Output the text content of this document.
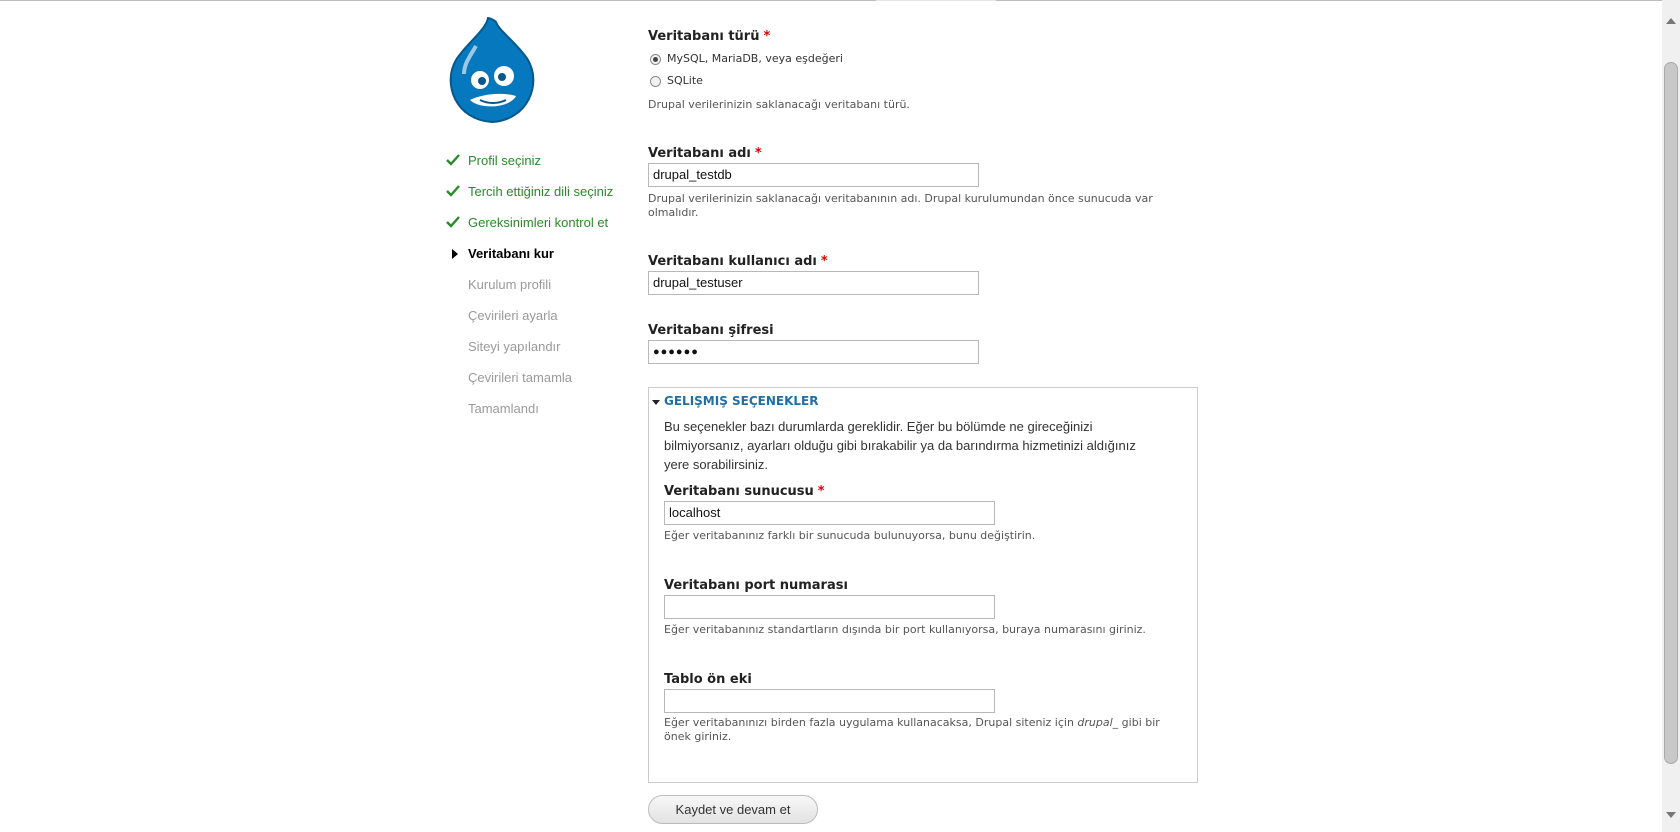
Profil seçiniz
Tercih ettiğiniz dili seçiniz
Gereksinimleri kontrol et
Veritabanı kur
Kurulum profili
Çevirileri ayarla
Siteyi yapılandır
Çevirileri tamamla
Tamamlandı
Veritabanı türü *
MySQL, MariaDB, veya eşdeğeri
SQLite
Drupal verilerinizin saklanacağı veritabanı türü.
Veritabanı adı *
drupal_testdb
Drupal verilerinizin saklanacağı veritabanının adı. Drupal kurulumundan önce sunucuda var
olmalıdır.
Veritabanı kullanıcı adı *
drupal_testuser
Veritabanı şifresi
●●●●●●
GELIŞMIŞ SEÇENEKLER
Bu seçenekler bazı durumlarda gereklidir. Eğer bu bölümde ne gireceğinizi
bilmiyorsanız, ayarları olduğu gibi bırakabilir ya da barındırma hizmetinizi aldığınız
yere sorabilirsiniz.
Veritabanı sunucusu *
localhost
Eğer veritabanınız farklı bir sunucuda bulunuyorsa, bunu değiştirin.
Veritabanı port numarası
Eğer veritabanınız standartların dışında bir port kullanıyorsa, buraya numarasını giriniz.
Tablo ön eki
Eğer veritabanınızı birden fazla uygulama kullanacaksa, Drupal siteniz için drupal_ gibi bir
önek giriniz.
Kaydet ve devam et
